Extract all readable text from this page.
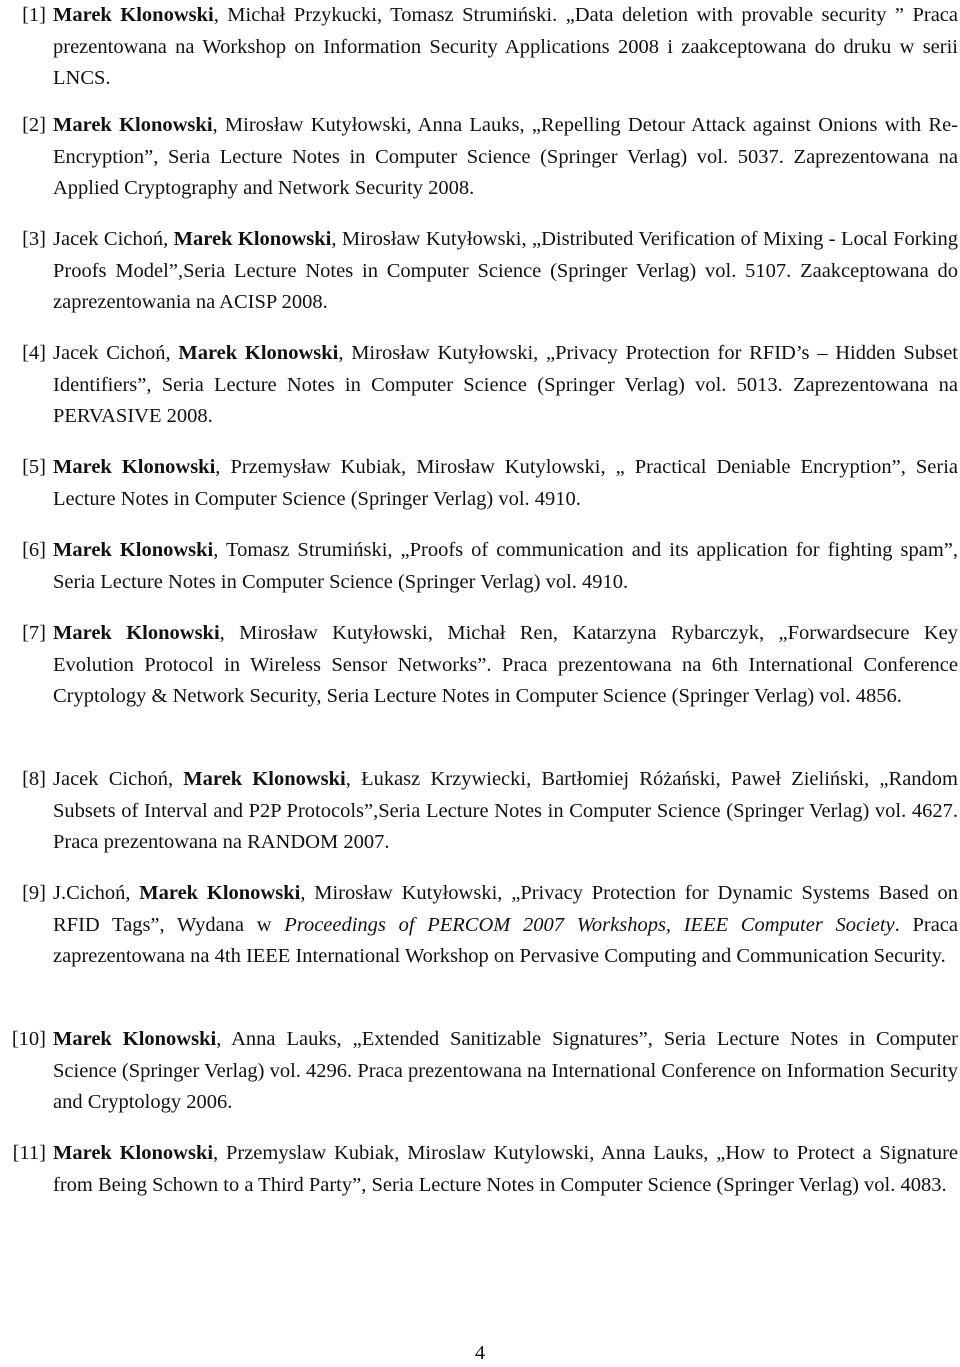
[1] Marek Klonowski, Michał Przykucki, Tomasz Strumiński. „Data deletion with provable security ” Praca prezentowana na Workshop on Information Security Applications 2008 i zaakceptowana do druku w serii LNCS.
[2] Marek Klonowski, Mirosław Kutyłowski, Anna Lauks, „Repelling Detour Attack against Onions with Re-Encryption”, Seria Lecture Notes in Computer Science (Springer Verlag) vol. 5037. Zaprezentowana na Applied Cryptography and Network Security 2008.
[3] Jacek Cichoń, Marek Klonowski, Mirosław Kutyłowski, „Distributed Verification of Mixing - Local Forking Proofs Model”,Seria Lecture Notes in Computer Science (Springer Verlag) vol. 5107. Zaakceptowana do zaprezentowania na ACISP 2008.
[4] Jacek Cichoń, Marek Klonowski, Mirosław Kutyłowski, „Privacy Protection for RFID’s – Hidden Subset Identifiers”, Seria Lecture Notes in Computer Science (Springer Verlag) vol. 5013. Zaprezentowana na PERVASIVE 2008.
[5] Marek Klonowski, Przemysław Kubiak, Mirosław Kutylowski, „ Practical Deniable Encryption”, Seria Lecture Notes in Computer Science (Springer Verlag) vol. 4910.
[6] Marek Klonowski, Tomasz Strumiński, „Proofs of communication and its application for fighting spam”, Seria Lecture Notes in Computer Science (Springer Verlag) vol. 4910.
[7] Marek Klonowski, Mirosław Kutyłowski, Michał Ren, Katarzyna Rybarczyk, „Forwardsecure Key Evolution Protocol in Wireless Sensor Networks”. Praca prezentowana na 6th International Conference Cryptology & Network Security, Seria Lecture Notes in Computer Science (Springer Verlag) vol. 4856.
[8] Jacek Cichoń, Marek Klonowski, Łukasz Krzywiecki, Bartłomiej Różański, Paweł Zieliński, „Random Subsets of Interval and P2P Protocols”,Seria Lecture Notes in Computer Science (Springer Verlag) vol. 4627. Praca prezentowana na RANDOM 2007.
[9] J.Cichoń, Marek Klonowski, Mirosław Kutyłowski, „Privacy Protection for Dynamic Systems Based on RFID Tags”, Wydana w Proceedings of PERCOM 2007 Workshops, IEEE Computer Society. Praca zaprezentowana na 4th IEEE International Workshop on Pervasive Computing and Communication Security.
[10] Marek Klonowski, Anna Lauks, „Extended Sanitizable Signatures”, Seria Lecture Notes in Computer Science (Springer Verlag) vol. 4296. Praca prezentowana na International Conference on Information Security and Cryptology 2006.
[11] Marek Klonowski, Przemyslaw Kubiak, Miroslaw Kutylowski, Anna Lauks, „How to Protect a Signature from Being Schown to a Third Party”, Seria Lecture Notes in Computer Science (Springer Verlag) vol. 4083.
4
